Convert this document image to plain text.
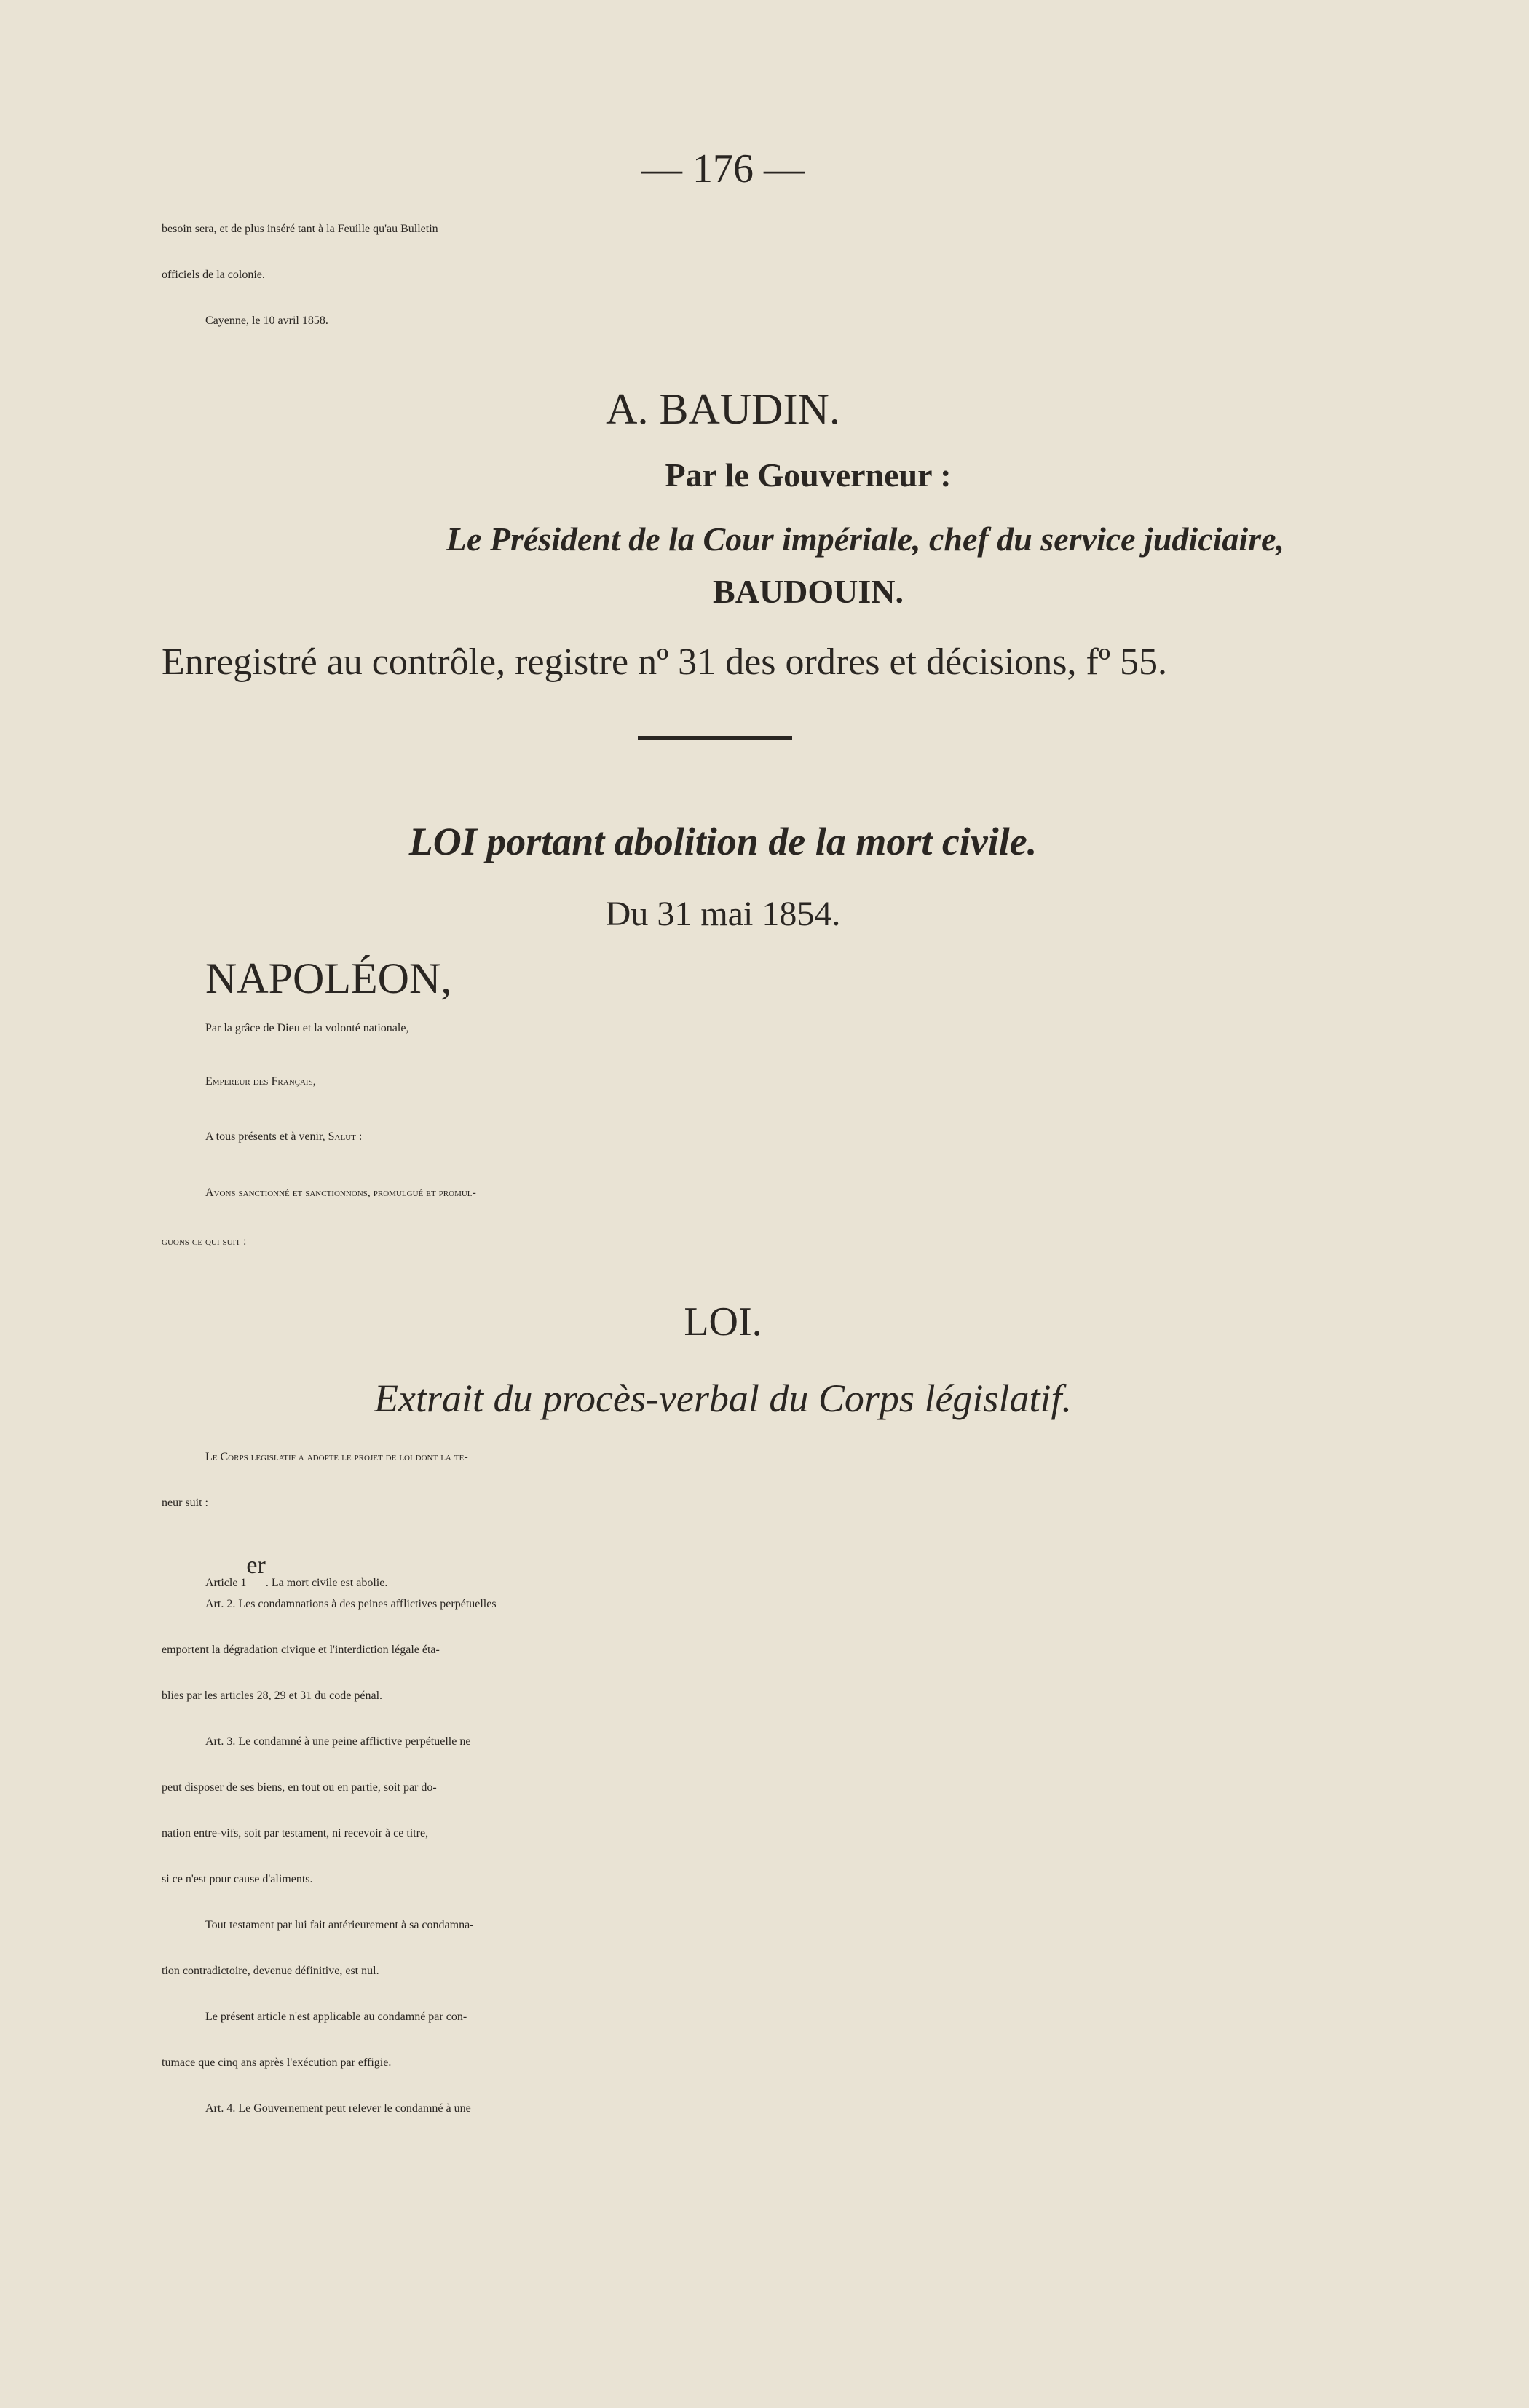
— 176 —
besoin sera, et de plus inséré tant à la Feuille qu'au Bulletin
officiels de la colonie.
Cayenne, le 10 avril 1858.
A. BAUDIN.
Par le Gouverneur :
Le Président de la Cour impériale, chef du service judiciaire,
BAUDOUIN.
Enregistré au contrôle, registre nº 31 des ordres et décisions, fº 55.
LOI portant abolition de la mort civile.
Du 31 mai 1854.
NAPOLÉON,
Par la grâce de Dieu et la volonté nationale,
Empereur des Français,
A tous présents et à venir, Salut :
Avons sanctionné et sanctionnons, promulgué et promul-
guons ce qui suit :
LOI.
Extrait du procès-verbal du Corps législatif.
Le Corps législatif a adopté le projet de loi dont la te-
neur suit :
Article 1er. La mort civile est abolie.
Art. 2. Les condamnations à des peines afflictives perpétuelles
emportent la dégradation civique et l'interdiction légale éta-
blies par les articles 28, 29 et 31 du code pénal.
Art. 3. Le condamné à une peine afflictive perpétuelle ne
peut disposer de ses biens, en tout ou en partie, soit par do-
nation entre-vifs, soit par testament, ni recevoir à ce titre,
si ce n'est pour cause d'aliments.
Tout testament par lui fait antérieurement à sa condamna-
tion contradictoire, devenue définitive, est nul.
Le présent article n'est applicable au condamné par con-
tumace que cinq ans après l'exécution par effigie.
Art. 4. Le Gouvernement peut relever le condamné à une
